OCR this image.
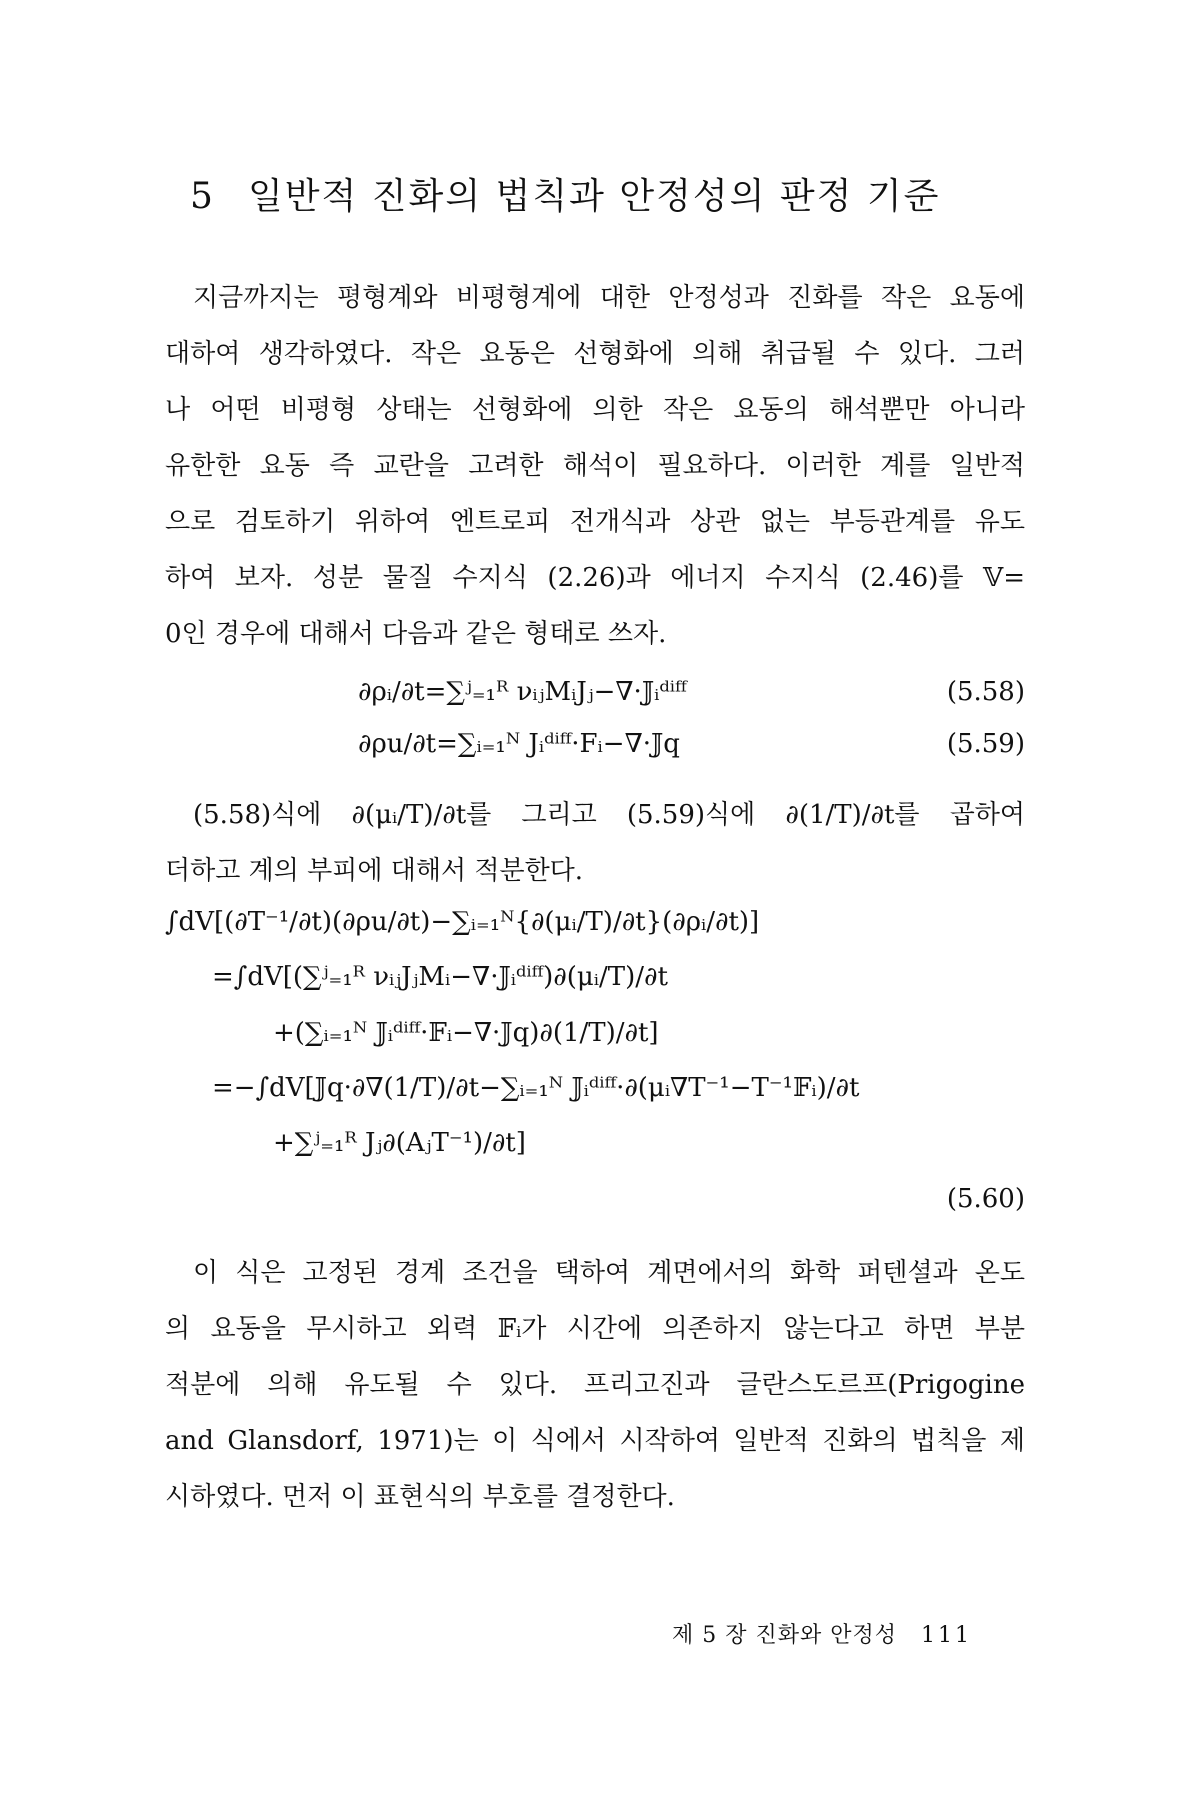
5 일반적 진화의 법칙과 안정성의 판정 기준
지금까지는 평형계와 비평형계에 대한 안정성과 진화를 작은 요동에
대하여 생각하였다. 작은 요동은 선형화에 의해 취급될 수 있다. 그러
나 어떤 비평형 상태는 선형화에 의한 작은 요동의 해석뿐만 아니라
유한한 요동 즉 교란을 고려한 해석이 필요하다. 이러한 계를 일반적
으로 검토하기 위하여 엔트로피 전개식과 상관 없는 부등관계를 유도
하여 보자. 성분 물질 수지식 (2.26)과 에너지 수지식 (2.46)를 𝕍=
0인 경우에 대해서 다음과 같은 형태로 쓰자.
∂ρᵢ/∂t=∑ʲ₌₁ᴿ νᵢⱼMᵢJⱼ−∇·𝕁ᵢᵈⁱᶠᶠ	(5.58)
∂ρu/∂t=∑ᵢ₌₁ᴺ Jᵢᵈⁱᶠᶠ·Fᵢ−∇·𝕁q	(5.59)
(5.58)식에 ∂(μᵢ/T)/∂t를 그리고 (5.59)식에 ∂(1/T)/∂t를 곱하여
더하고 계의 부피에 대해서 적분한다.
∫dV[(∂T⁻¹/∂t)(∂ρu/∂t)−∑ᵢ₌₁ᴺ{∂(μᵢ/T)/∂t}(∂ρᵢ/∂t)]
=∫dV[(∑ʲ₌₁ᴿ νᵢⱼJⱼMᵢ−∇·𝕁ᵢᵈⁱᶠᶠ)∂(μᵢ/T)/∂t
+(∑ᵢ₌₁ᴺ 𝕁ᵢᵈⁱᶠᶠ·𝔽ᵢ−∇·𝕁q)∂(1/T)/∂t]
=−∫dV[𝕁q·∂∇(1/T)/∂t−∑ᵢ₌₁ᴺ 𝕁ᵢᵈⁱᶠᶠ·∂(μᵢ∇T⁻¹−T⁻¹𝔽ᵢ)/∂t
+∑ʲ₌₁ᴿ Jⱼ∂(AⱼT⁻¹)/∂t]
(5.60)
이 식은 고정된 경계 조건을 택하여 계면에서의 화학 퍼텐셜과 온도
의 요동을 무시하고 외력 𝔽ᵢ가 시간에 의존하지 않는다고 하면 부분
적분에 의해 유도될 수 있다. 프리고진과 글란스도르프(Prigogine
and Glansdorf, 1971)는 이 식에서 시작하여 일반적 진화의 법칙을 제
시하였다. 먼저 이 표현식의 부호를 결정한다.
제 5 장 진화와 안정성 111
